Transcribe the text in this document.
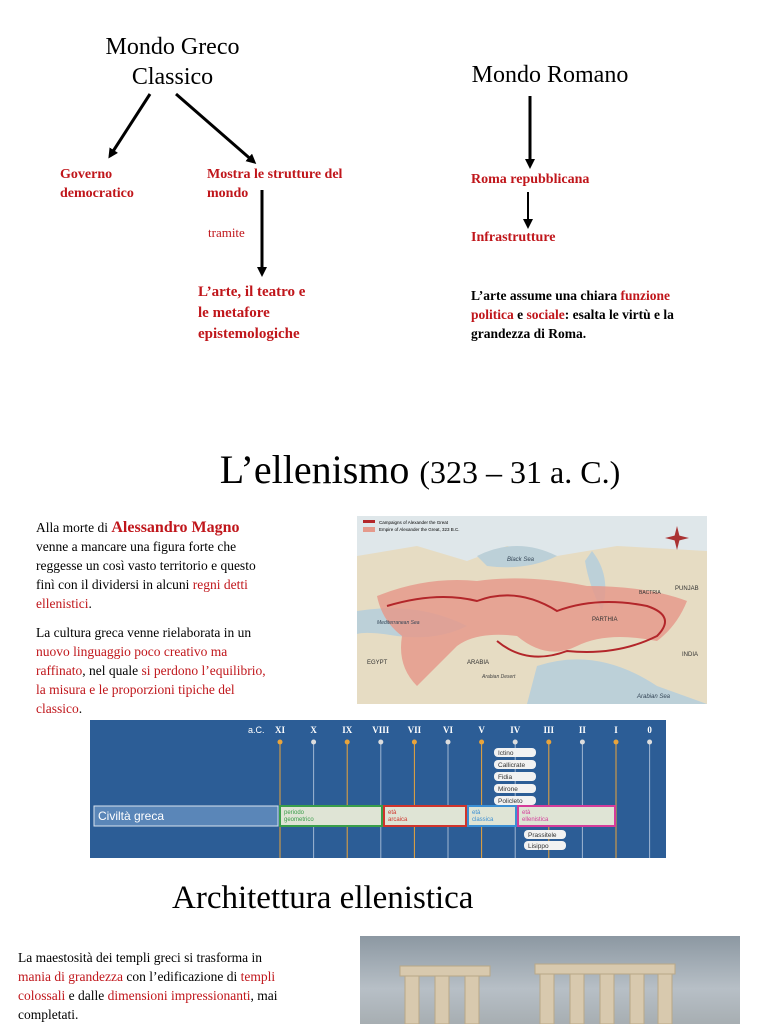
Mondo Greco
Classico	Mondo Romano
Governo
democratico
Mostra le strutture del
mondo
tramite
L’arte, il teatro e
le metafore
epistemologiche
Roma repubblicana
Infrastrutture
L’arte assume una chiara funzione
politica e sociale: esalta le virtù e la
grandezza di Roma.
L’ellenismo (323 – 31 a. C.)
Alla morte di Alessandro Magno
venne a mancare una figura forte che
reggesse un così vasto territorio e questo
finì con il dividersi in alcuni regni detti
ellenistici.
La cultura greca venne rielaborata in un
nuovo linguaggio poco creativo ma
raffinato, nel quale si perdono l’equilibrio,
la misura e le proporzioni tipiche del
classico.
Campaigns of Alexander the Great
Empire of Alexander the Great, 323 B.C.
Black Sea
EGYPT	ARABIA
PARTHIA
INDIA
Arabian Sea
PUNJAB
Arabian Desert
Mediterranean Sea
BACTRIA
a.C. XI	X	IX VIII VII VI	V	IV	III	II	I	0
Civiltà greca	periodo
geometrico
età
arcaica
età
classica
età
ellenistica
Ictino
Callicrate
Fidia
Mirone
Policleto
Prassitele
Lisippo
Architettura ellenistica
La maestosità dei templi greci si trasforma in
mania di grandezza con l’edificazione di templi
colossali e dalle dimensioni impressionanti, mai
completati.
